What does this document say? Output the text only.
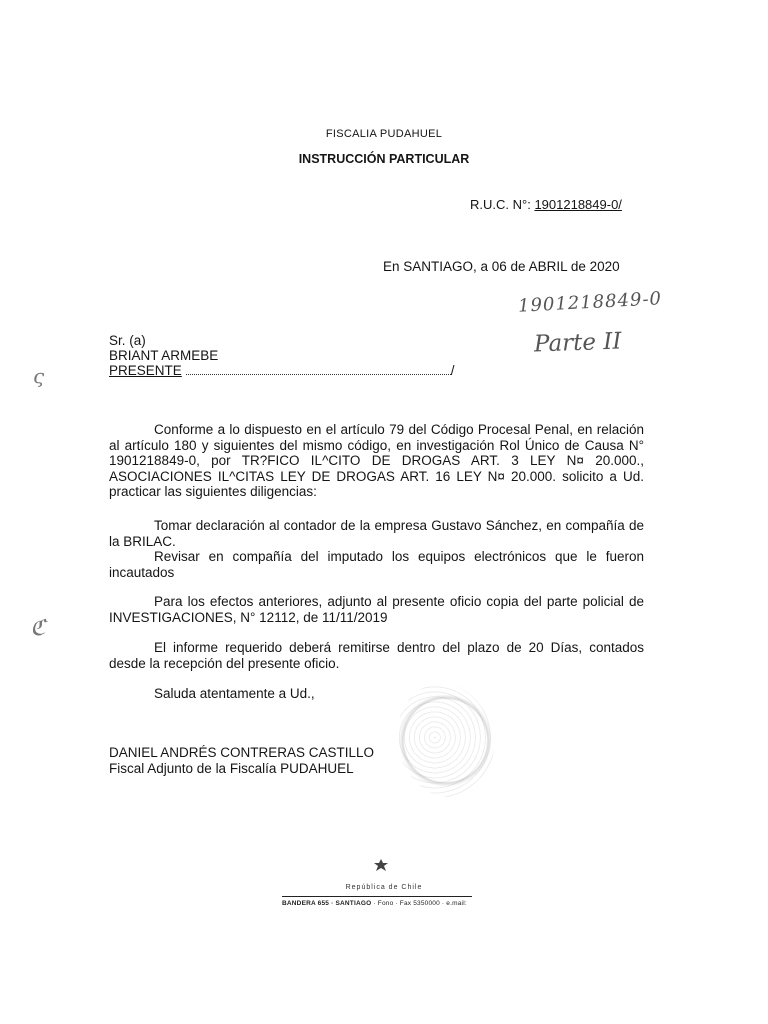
FISCALIA PUDAHUEL
INSTRUCCIÓN PARTICULAR
R.U.C. N°: 1901218849-0/
En SANTIAGO, a 06 de ABRIL de 2020
1901218849-0
Parte II
Sr. (a)
BRIANT ARMEBE
PRESENTE	/
ς
ℭ

Conforme a lo dispuesto en el artículo 79 del Código Procesal Penal, en relación al artículo 180 y siguientes del mismo código, en investigación Rol Único de Causa N° 1901218849-0, por TR?FICO IL^CITO DE DROGAS ART. 3 LEY N¤ 20.000., ASOCIACIONES IL^CITAS LEY DE DROGAS ART. 16 LEY N¤ 20.000. solicito a Ud. practicar las siguientes diligencias:

Tomar declaración al contador de la empresa Gustavo Sánchez, en compañía de la BRILAC.

Revisar en compañía del imputado los equipos electrónicos que le fueron incautados

Para los efectos anteriores, adjunto al presente oficio copia del parte policial de INVESTIGACIONES, N° 12112, de 11/11/2019

El informe requerido deberá remitirse dentro del plazo de 20 Días, contados desde la recepción del presente oficio.

Saluda atentamente a Ud.,

DANIEL ANDRÉS CONTRERAS CASTILLO
Fiscal Adjunto de la Fiscalía PUDAHUEL
República de Chile
BANDERA 655 · SANTIAGO · Fono · Fax 5350000 · e.mail:
